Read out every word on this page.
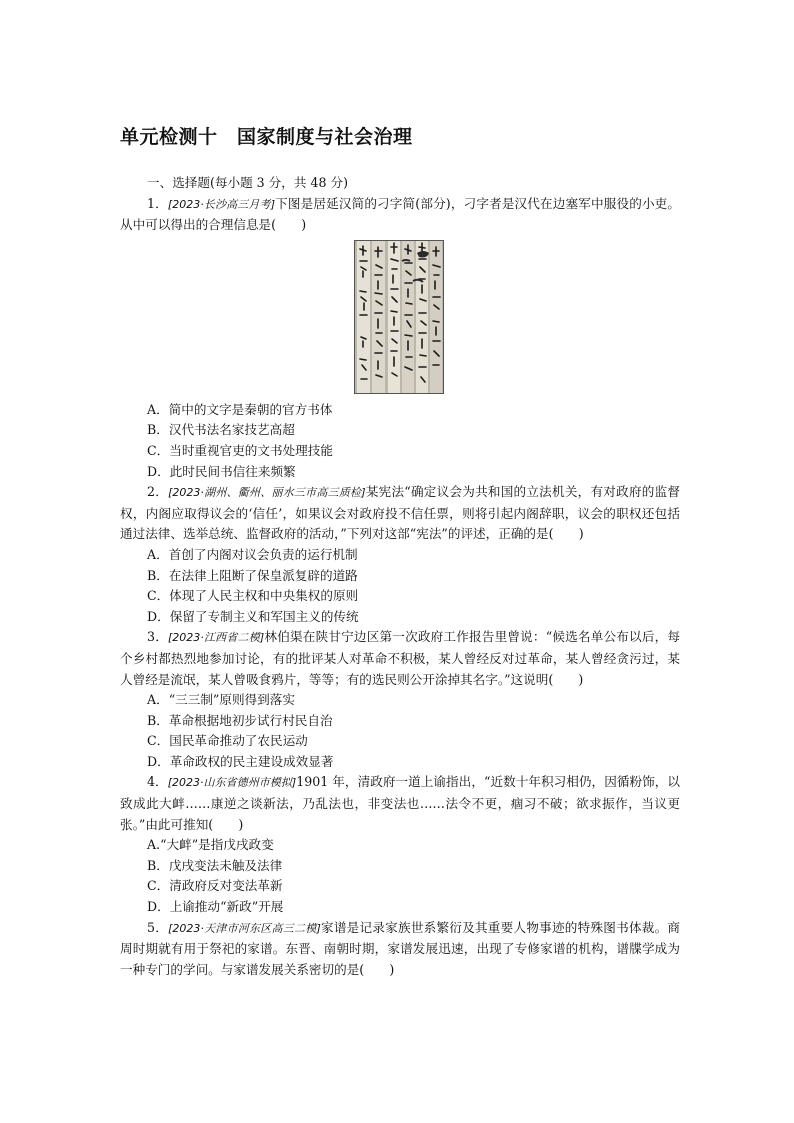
单元检测十　国家制度与社会治理
一、选择题(每小题 3 分，共 48 分)
1．[2023·长沙高三月考]下图是居延汉简的刁字简(部分)，刁字者是汉代在边塞军中服役的小吏。从中可以得出的合理信息是(　　)
A．简中的文字是秦朝的官方书体
B．汉代书法名家技艺高超
C．当时重视官吏的文书处理技能
D．此时民间书信往来频繁
2．[2023·湖州、衢州、丽水三市高三质检]某宪法“确定议会为共和国的立法机关，有对政府的监督权，内阁应取得议会的‘信任’，如果议会对政府投不信任票，则将引起内阁辞职，议会的职权还包括通过法律、选举总统、监督政府的活动，”下列对这部“宪法”的评述，正确的是(　　)
A．首创了内阁对议会负责的运行机制
B．在法律上阻断了保皇派复辟的道路
C．体现了人民主权和中央集权的原则
D．保留了专制主义和军国主义的传统
3．[2023·江西省二模]林伯渠在陕甘宁边区第一次政府工作报告里曾说：“候选名单公布以后，每个乡村都热烈地参加讨论，有的批评某人对革命不积极，某人曾经反对过革命，某人曾经贪污过，某人曾经是流氓，某人曾吸食鸦片，等等；有的选民则公开涂掉其名字。”这说明(　　)
A．“三三制”原则得到落实
B．革命根据地初步试行村民自治
C．国民革命推动了农民运动
D．革命政权的民主建设成效显著
4．[2023·山东省德州市模拟]1901 年，清政府一道上谕指出，“近数十年积习相仍，因循粉饰，以致成此大衅……康逆之谈新法，乃乱法也，非变法也……法令不更，痼习不破；欲求振作，当议更张。”由此可推知(　　)
A.“大衅”是指戊戌政变
B．戊戌变法未触及法律
C．清政府反对变法革新
D．上谕推动“新政”开展
5．[2023·天津市河东区高三二模]家谱是记录家族世系繁衍及其重要人物事迹的特殊图书体裁。商周时期就有用于祭祀的家谱。东晋、南朝时期，家谱发展迅速，出现了专修家谱的机构，谱牒学成为一种专门的学问。与家谱发展关系密切的是(　　)
